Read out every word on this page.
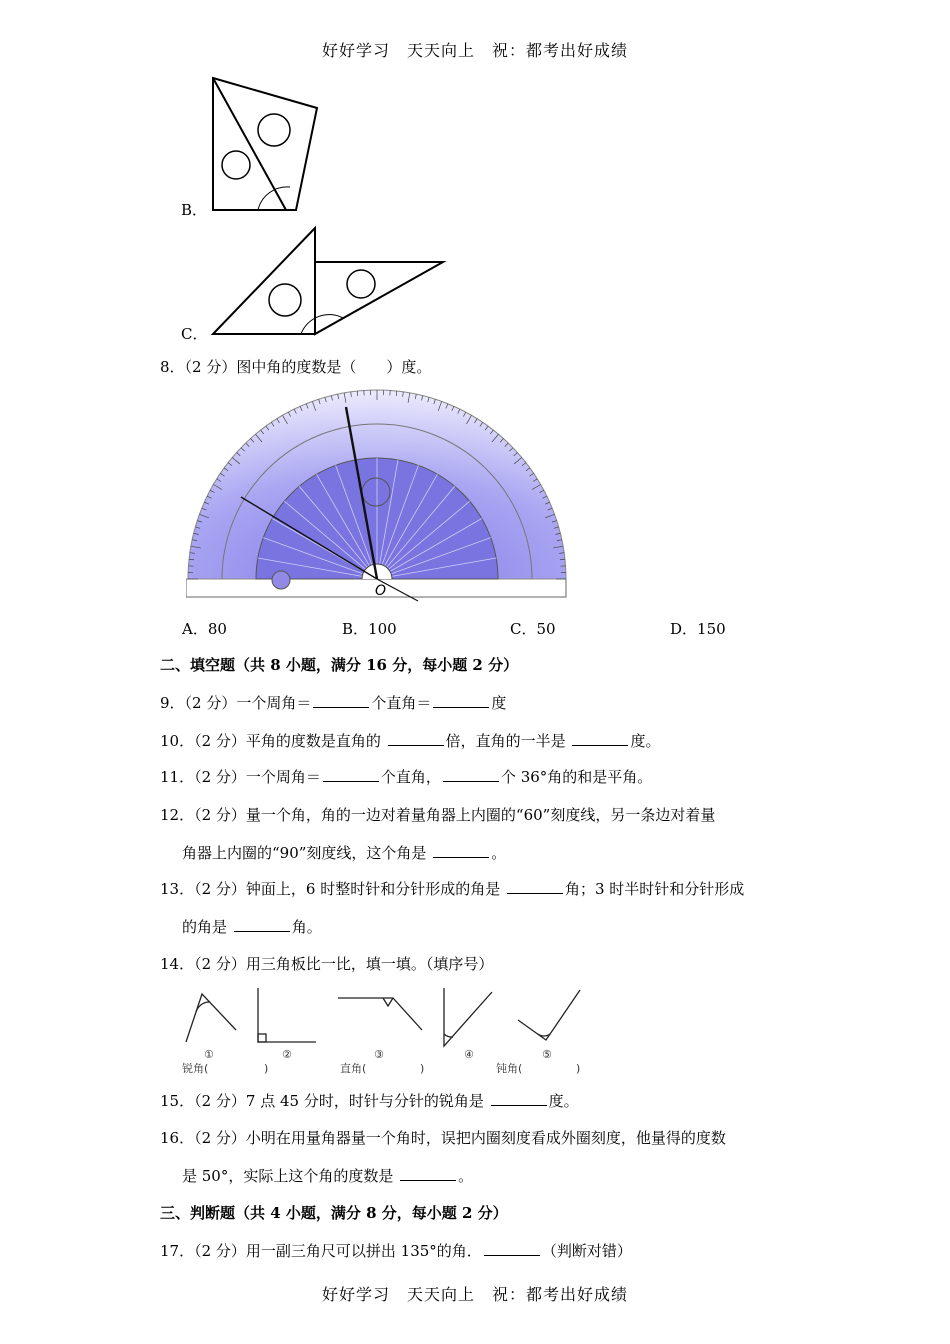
好好学习　天天向上　祝：都考出好成绩
B．
C．
8．（2 分）图中角的度数是（　　）度。
O
A．80	B．100	C．50	D．150
二、填空题（共 8 小题，满分 16 分，每小题 2 分）
9．（2 分）一个周角＝	个直角＝	度
10．（2 分）平角的度数是直角的	倍，直角的一半是	度。
11．（2 分）一个周角＝	个直角，	个 36°角的和是平角。
12．（2 分）量一个角，角的一边对着量角器上内圈的“60”刻度线，另一条边对着量
角器上内圈的“90”刻度线，这个角是	。
13．（2 分）钟面上，6 时整时针和分针形成的角是	角；3 时半时针和分针形成
的角是	角。
14．（2 分）用三角板比一比，填一填。（填序号）
①	②	③	④	⑤
锐角(	)	直角(	)	钝角(	)
15．（2 分）7 点 45 分时，时针与分针的锐角是	度。
16．（2 分）小明在用量角器量一个角时，误把内圈刻度看成外圈刻度，他量得的度数
是 50°，实际上这个角的度数是	。
三、判断题（共 4 小题，满分 8 分，每小题 2 分）
17．（2 分）用一副三角尺可以拼出 135°的角．	（判断对错）
好好学习　天天向上　祝：都考出好成绩
